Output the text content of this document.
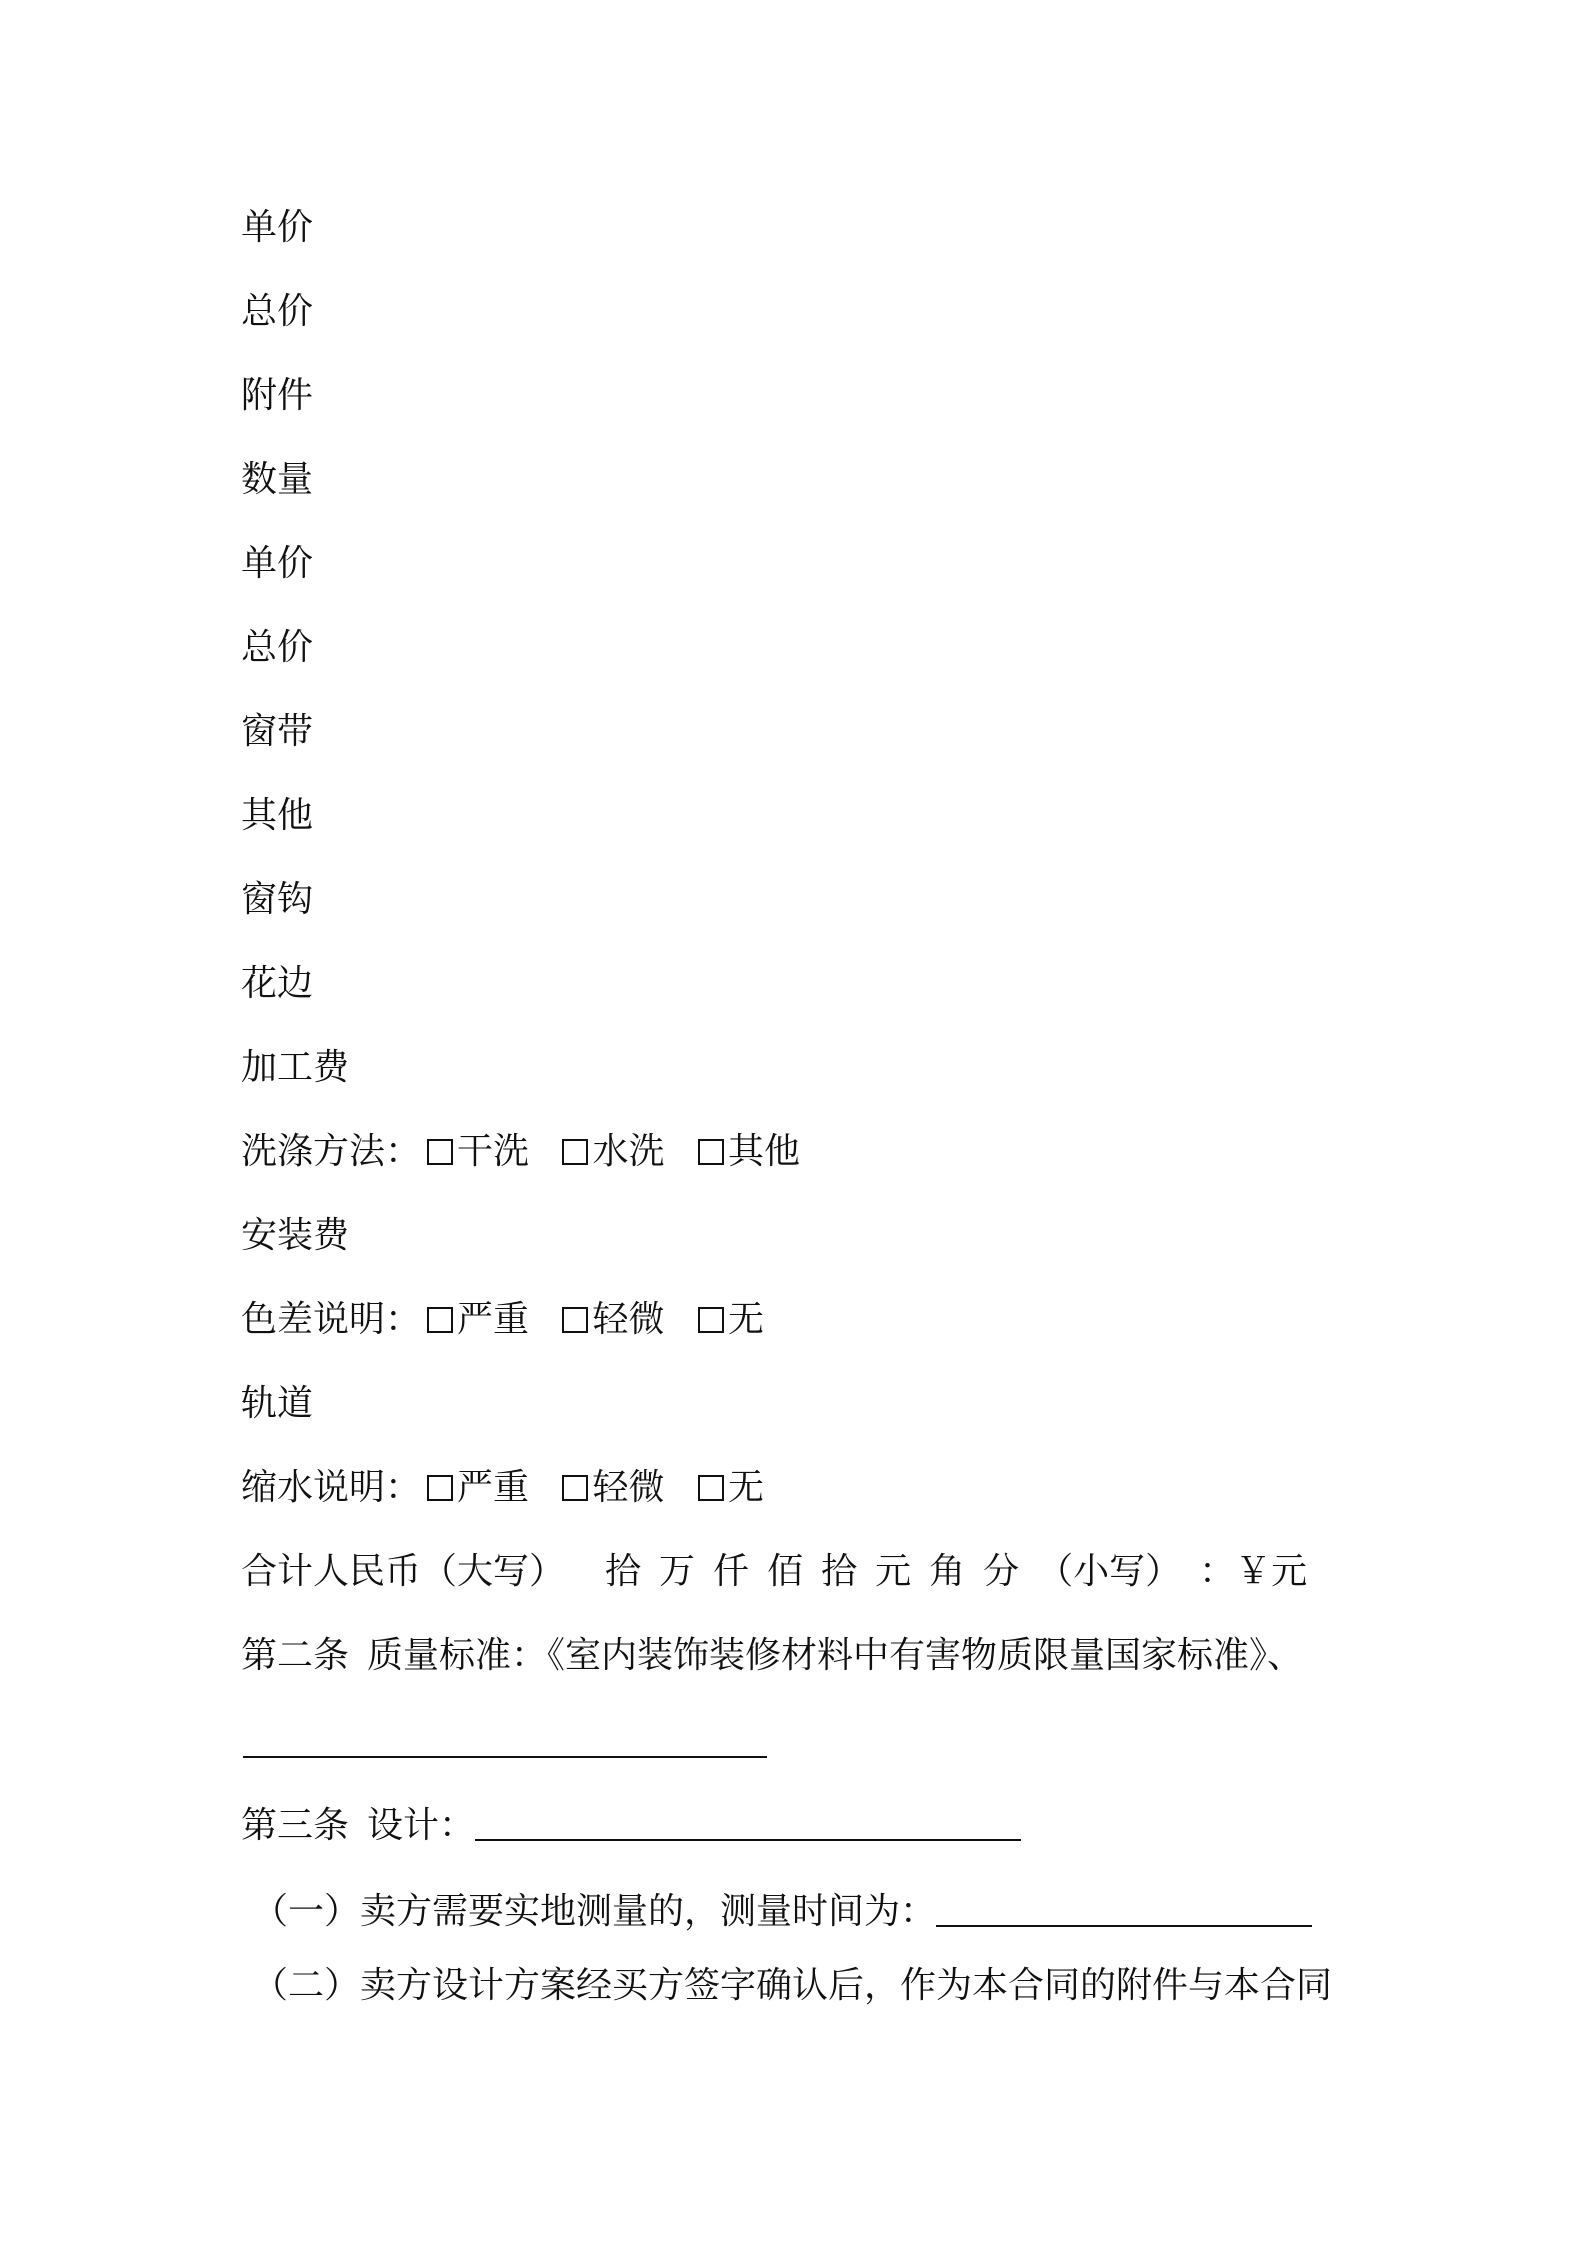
单价
总价
附件
数量
单价
总价
窗带
其他
窗钩
花边
加工费
洗涤方法： 干洗 水洗 其他
安装费
色差说明： 严重 轻微 无
轨道
缩水说明： 严重 轻微 无
合计人民币（大写） 拾 万 仟 佰 拾 元 角 分 （小写） ：￥元
第二条 质量标准：《室内装饰装修材料中有害物质限量国家标准》、
第三条 设计：
（一）卖方需要实地测量的，测量时间为：
（二）卖方设计方案经买方签字确认后，作为本合同的附件与本合同
